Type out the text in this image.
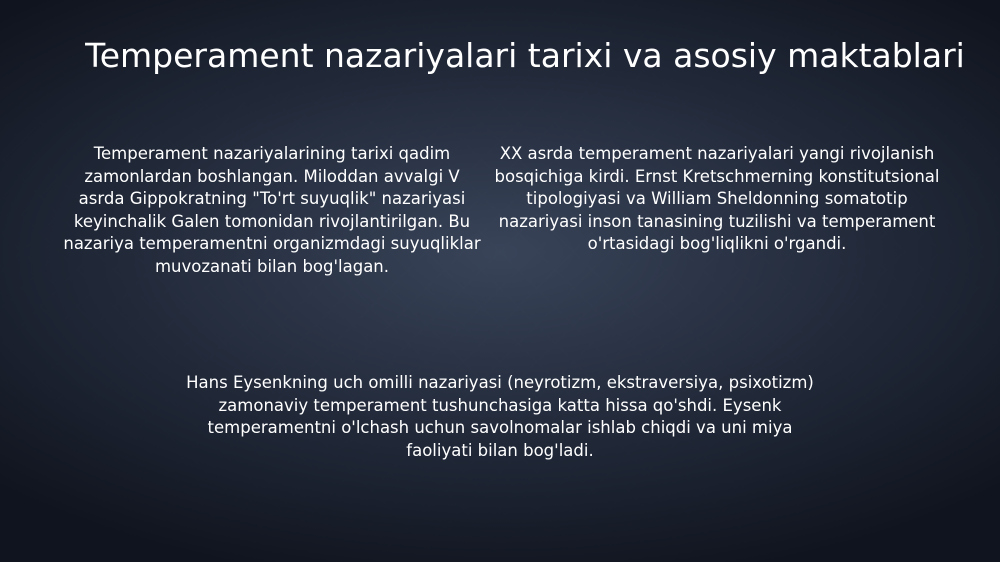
Temperament nazariyalari tarixi va asosiy maktablari

Temperament nazariyalarining tarixi qadim zamonlardan boshlangan. Miloddan avvalgi V asrda Gippokratning "To'rt suyuqlik" nazariyasi keyinchalik Galen tomonidan rivojlantirilgan. Bu nazariya temperamentni organizmdagi suyuqliklar muvozanati bilan bog'lagan.

XX asrda temperament nazariyalari yangi rivojlanish bosqichiga kirdi. Ernst Kretschmerning konstitutsional tipologiyasi va William Sheldonning somatotip nazariyasi inson tanasining tuzilishi va temperament o'rtasidagi bog'liqlikni o'rgandi.

Hans Eysenkning uch omilli nazariyasi (neyrotizm, ekstraversiya, psixotizm) zamonaviy temperament tushunchasiga katta hissa qo'shdi. Eysenk temperamentni o'lchash uchun savolnomalar ishlab chiqdi va uni miya faoliyati bilan bog'ladi.
